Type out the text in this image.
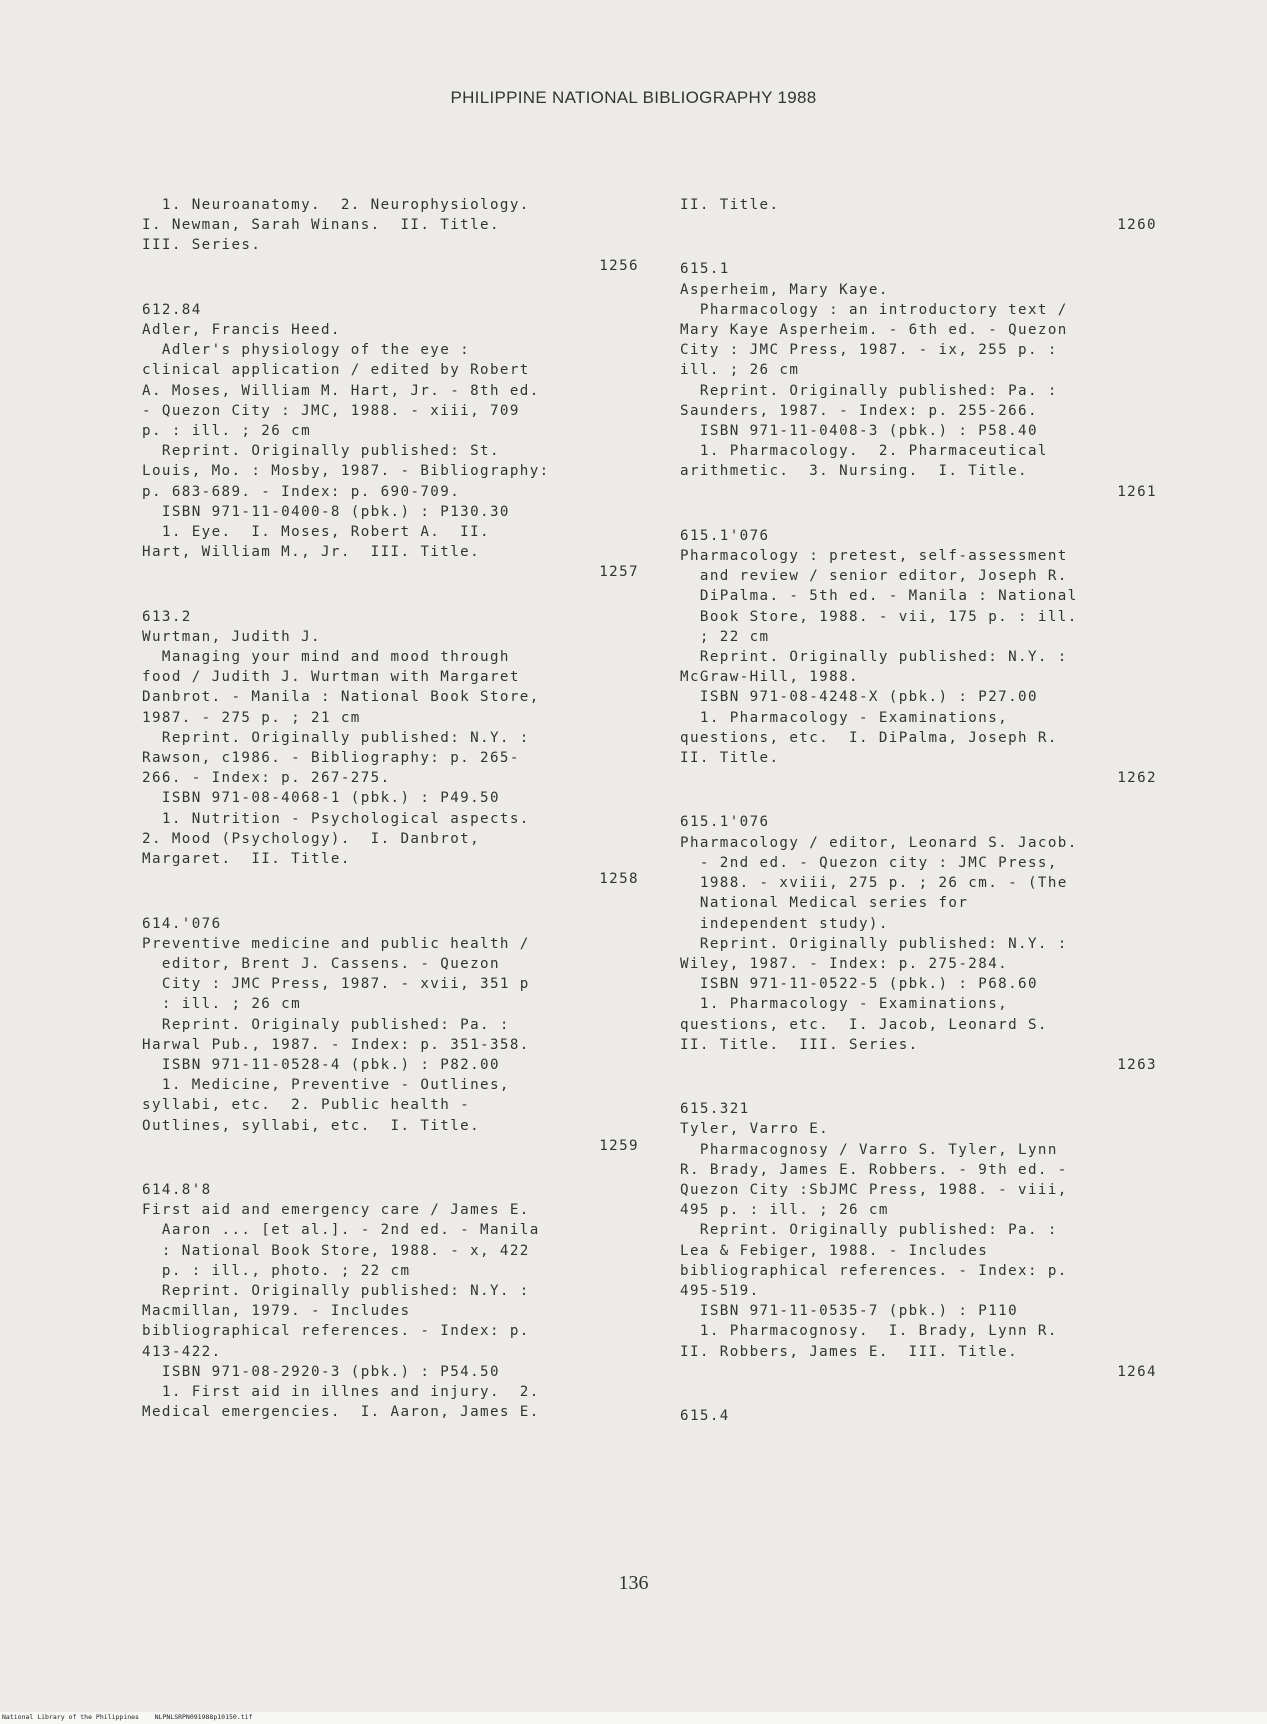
PHILIPPINE NATIONAL BIBLIOGRAPHY 1988
1. Neuroanatomy.  2. Neurophysiology.
I. Newman, Sarah Winans.  II. Title.
III. Series.
1256
612.84
Adler, Francis Heed.
Adler's physiology of the eye :
clinical application / edited by Robert
A. Moses, William M. Hart, Jr. - 8th ed.
- Quezon City : JMC, 1988. - xiii, 709
p. : ill. ; 26 cm
Reprint. Originally published: St.
Louis, Mo. : Mosby, 1987. - Bibliography:
p. 683-689. - Index: p. 690-709.
ISBN 971-11-0400-8 (pbk.) : P130.30
1. Eye.  I. Moses, Robert A.  II.
Hart, William M., Jr.  III. Title.
1257
613.2
Wurtman, Judith J.
Managing your mind and mood through
food / Judith J. Wurtman with Margaret
Danbrot. - Manila : National Book Store,
1987. - 275 p. ; 21 cm
Reprint. Originally published: N.Y. :
Rawson, c1986. - Bibliography: p. 265-
266. - Index: p. 267-275.
ISBN 971-08-4068-1 (pbk.) : P49.50
1. Nutrition - Psychological aspects.
2. Mood (Psychology).  I. Danbrot,
Margaret.  II. Title.
1258
614.'076
Preventive medicine and public health /
editor, Brent J. Cassens. - Quezon
City : JMC Press, 1987. - xvii, 351 p
: ill. ; 26 cm
Reprint. Originaly published: Pa. :
Harwal Pub., 1987. - Index: p. 351-358.
ISBN 971-11-0528-4 (pbk.) : P82.00
1. Medicine, Preventive - Outlines,
syllabi, etc.  2. Public health -
Outlines, syllabi, etc.  I. Title.
1259
614.8'8
First aid and emergency care / James E.
Aaron ... [et al.]. - 2nd ed. - Manila
: National Book Store, 1988. - x, 422
p. : ill., photo. ; 22 cm
Reprint. Originally published: N.Y. :
Macmillan, 1979. - Includes
bibliographical references. - Index: p.
413-422.
ISBN 971-08-2920-3 (pbk.) : P54.50
1. First aid in illnes and injury.  2.
Medical emergencies.  I. Aaron, James E.
II. Title.
1260
615.1
Asperheim, Mary Kaye.
Pharmacology : an introductory text /
Mary Kaye Asperheim. - 6th ed. - Quezon
City : JMC Press, 1987. - ix, 255 p. :
ill. ; 26 cm
Reprint. Originally published: Pa. :
Saunders, 1987. - Index: p. 255-266.
ISBN 971-11-0408-3 (pbk.) : P58.40
1. Pharmacology.  2. Pharmaceutical
arithmetic.  3. Nursing.  I. Title.
1261
615.1'076
Pharmacology : pretest, self-assessment
and review / senior editor, Joseph R.
DiPalma. - 5th ed. - Manila : National
Book Store, 1988. - vii, 175 p. : ill.
; 22 cm
Reprint. Originally published: N.Y. :
McGraw-Hill, 1988.
ISBN 971-08-4248-X (pbk.) : P27.00
1. Pharmacology - Examinations,
questions, etc.  I. DiPalma, Joseph R.
II. Title.
1262
615.1'076
Pharmacology / editor, Leonard S. Jacob.
- 2nd ed. - Quezon city : JMC Press,
1988. - xviii, 275 p. ; 26 cm. - (The
National Medical series for
independent study).
Reprint. Originally published: N.Y. :
Wiley, 1987. - Index: p. 275-284.
ISBN 971-11-0522-5 (pbk.) : P68.60
1. Pharmacology - Examinations,
questions, etc.  I. Jacob, Leonard S.
II. Title.  III. Series.
1263
615.321
Tyler, Varro E.
Pharmacognosy / Varro S. Tyler, Lynn
R. Brady, James E. Robbers. - 9th ed. -
Quezon City :SbJMC Press, 1988. - viii,
495 p. : ill. ; 26 cm
Reprint. Originally published: Pa. :
Lea & Febiger, 1988. - Includes
bibliographical references. - Index: p.
495-519.
ISBN 971-11-0535-7 (pbk.) : P110
1. Pharmacognosy.  I. Brady, Lynn R.
II. Robbers, James E.  III. Title.
1264
615.4
136
National Library of the Philippines NLPNLSRPN091988p10150.tif
